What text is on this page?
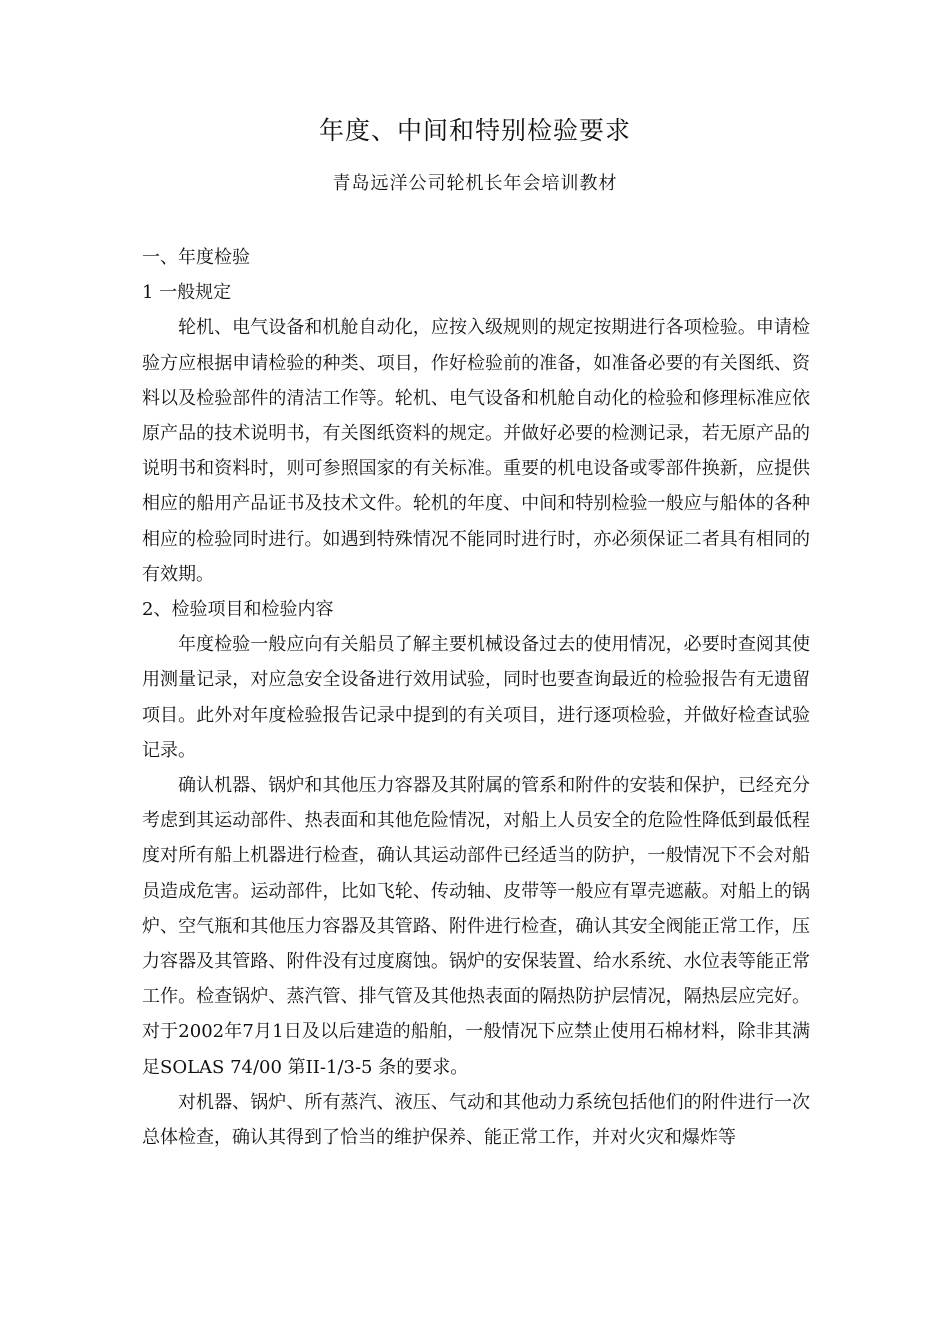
年度、中间和特别检验要求
青岛远洋公司轮机长年会培训教材

一、年度检验

1 一般规定

轮机、电气设备和机舱自动化，应按入级规则的规定按期进行各项检验。申请检验方应根据申请检验的种类、项目，作好检验前的准备，如准备必要的有关图纸、资料以及检验部件的清洁工作等。轮机、电气设备和机舱自动化的检验和修理标准应依原产品的技术说明书，有关图纸资料的规定。并做好必要的检测记录，若无原产品的说明书和资料时，则可参照国家的有关标准。重要的机电设备或零部件换新，应提供相应的船用产品证书及技术文件。轮机的年度、中间和特别检验一般应与船体的各种相应的检验同时进行。如遇到特殊情况不能同时进行时，亦必须保证二者具有相同的有效期。

2、检验项目和检验内容

年度检验一般应向有关船员了解主要机械设备过去的使用情况，必要时查阅其使用测量记录，对应急安全设备进行效用试验，同时也要查询最近的检验报告有无遗留项目。此外对年度检验报告记录中提到的有关项目，进行逐项检验，并做好检查试验记录。

确认机器、锅炉和其他压力容器及其附属的管系和附件的安装和保护，已经充分考虑到其运动部件、热表面和其他危险情况，对船上人员安全的危险性降低到最低程度对所有船上机器进行检查，确认其运动部件已经适当的防护，一般情况下不会对船员造成危害。运动部件，比如飞轮、传动轴、皮带等一般应有罩壳遮蔽。对船上的锅炉、空气瓶和其他压力容器及其管路、附件进行检查，确认其安全阀能正常工作，压力容器及其管路、附件没有过度腐蚀。锅炉的安保装置、给水系统、水位表等能正常工作。检查锅炉、蒸汽管、排气管及其他热表面的隔热防护层情况，隔热层应完好。对于2002年7月1日及以后建造的船舶，一般情况下应禁止使用石棉材料，除非其满足SOLAS 74/00 第II-1/3-5 条的要求。

对机器、锅炉、所有蒸汽、液压、气动和其他动力系统包括他们的附件进行一次总体检查，确认其得到了恰当的维护保养、能正常工作，并对火灾和爆炸等
